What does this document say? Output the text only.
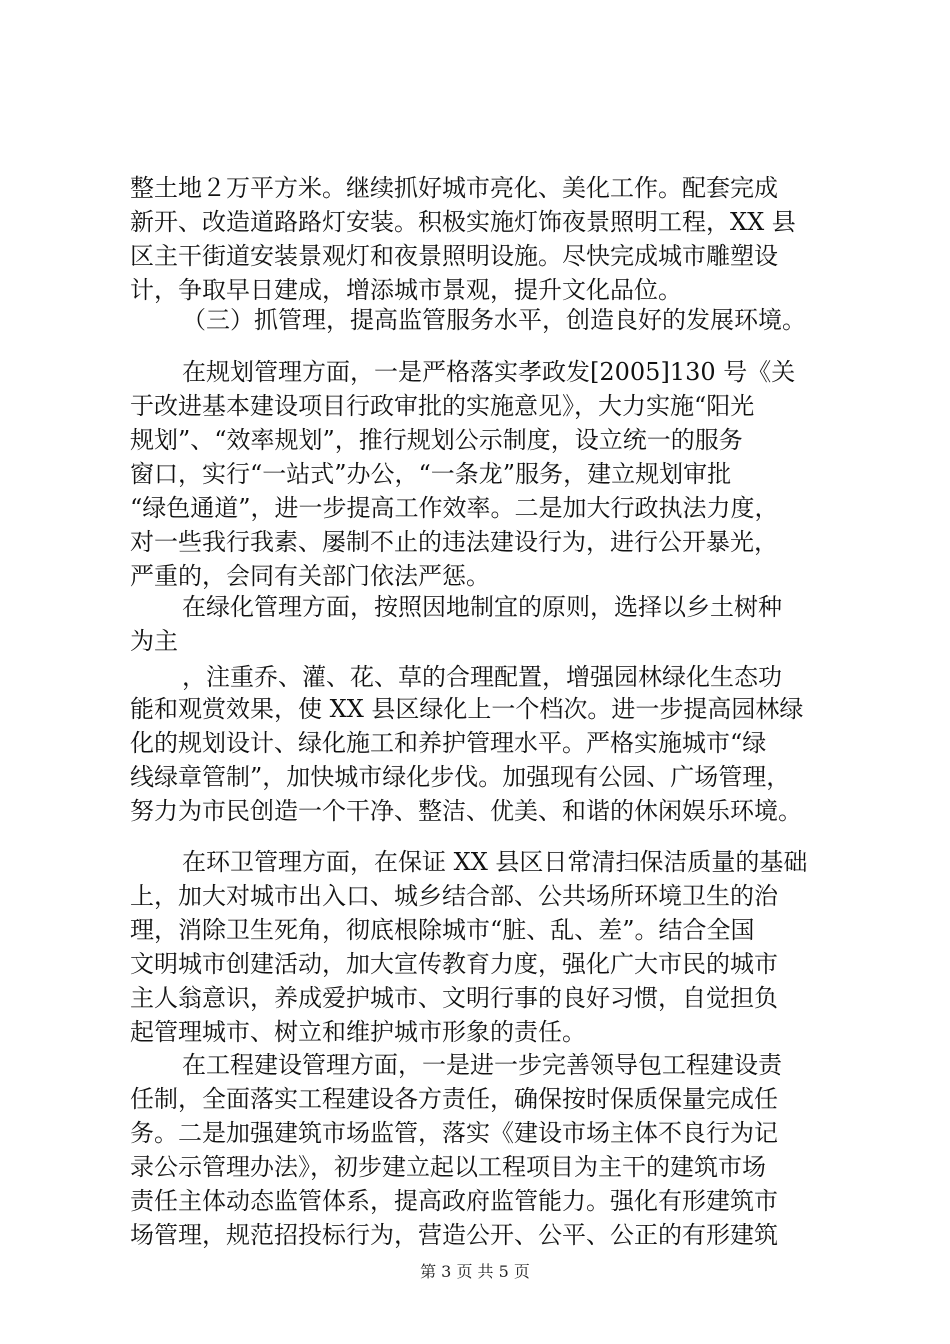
整土地２万平方米。继续抓好城市亮化、美化工作。配套完成
新开、改造道路路灯安装。积极实施灯饰夜景照明工程，XX 县
区主干街道安装景观灯和夜景照明设施。尽快完成城市雕塑设
计，争取早日建成，增添城市景观，提升文化品位。
（三）抓管理，提高监管服务水平，创造良好的发展环境。
在规划管理方面，一是严格落实孝政发[2005]130 号《关
于改进基本建设项目行政审批的实施意见》，大力实施“阳光
规划”、“效率规划”，推行规划公示制度，设立统一的服务
窗口，实行“一站式”办公，“一条龙”服务，建立规划审批
“绿色通道”，进一步提高工作效率。二是加大行政执法力度，
对一些我行我素、屡制不止的违法建设行为，进行公开暴光，
严重的，会同有关部门依法严惩。
在绿化管理方面，按照因地制宜的原则，选择以乡土树种
为主
，注重乔、灌、花、草的合理配置，增强园林绿化生态功
能和观赏效果，使 XX 县区绿化上一个档次。进一步提高园林绿
化的规划设计、绿化施工和养护管理水平。严格实施城市“绿
线绿章管制”，加快城市绿化步伐。加强现有公园、广场管理，
努力为市民创造一个干净、整洁、优美、和谐的休闲娱乐环境。
在环卫管理方面，在保证 XX 县区日常清扫保洁质量的基础
上，加大对城市出入口、城乡结合部、公共场所环境卫生的治
理，消除卫生死角，彻底根除城市“脏、乱、差”。结合全国
文明城市创建活动，加大宣传教育力度，强化广大市民的城市
主人翁意识，养成爱护城市、文明行事的良好习惯，自觉担负
起管理城市、树立和维护城市形象的责任。
在工程建设管理方面，一是进一步完善领导包工程建设责
任制，全面落实工程建设各方责任，确保按时保质保量完成任
务。二是加强建筑市场监管，落实《建设市场主体不良行为记
录公示管理办法》，初步建立起以工程项目为主干的建筑市场
责任主体动态监管体系，提高政府监管能力。强化有形建筑市
场管理，规范招投标行为，营造公开、公平、公正的有形建筑
第 3 页 共 5 页
